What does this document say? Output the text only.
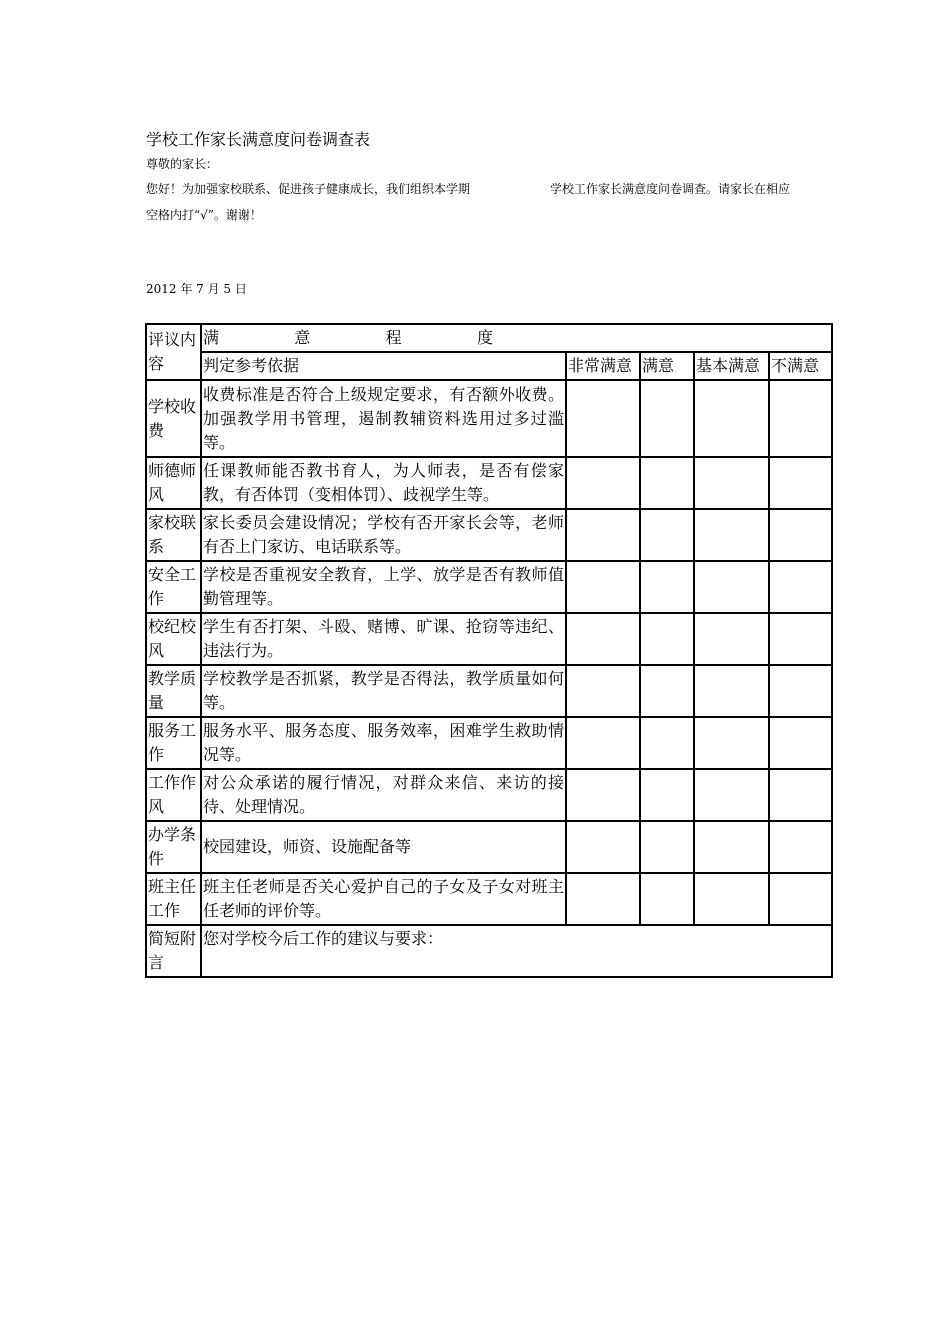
学校工作家长满意度问卷调查表
尊敬的家长：
您好！为加强家校联系、促进孩子健康成长，我们组织本学期	学校工作家长满意度问卷调查。请家长在相应
空格内打“√”。谢谢！
2012 年 7 月 5 日
评议内容	满 意 程 度				

	判定参考依据	非常满意	满意	基本满意	不满意
学校收费	收费标准是否符合上级规定要求，有否额外收费。加强教学用书管理，遏制教辅资料选用过多过滥等。				
师德师风	任课教师能否教书育人，为人师表，是否有偿家教，有否体罚（变相体罚）、歧视学生等。				
家校联系	家长委员会建设情况；学校有否开家长会等，老师有否上门家访、电话联系等。				
安全工作	学校是否重视安全教育，上学、放学是否有教师值勤管理等。				
校纪校风	学生有否打架、斗殴、赌博、旷课、抢窃等违纪、违法行为。				
教学质量	学校教学是否抓紧，教学是否得法，教学质量如何等。				
服务工作	服务水平、服务态度、服务效率，困难学生救助情况等。				
工作作风	对公众承诺的履行情况，对群众来信、来访的接待、处理情况。				
办学条件	校园建设，师资、设施配备等				
班主任工作	班主任老师是否关心爱护自己的子女及子女对班主任老师的评价等。				
简短附言	您对学校今后工作的建议与要求：				
